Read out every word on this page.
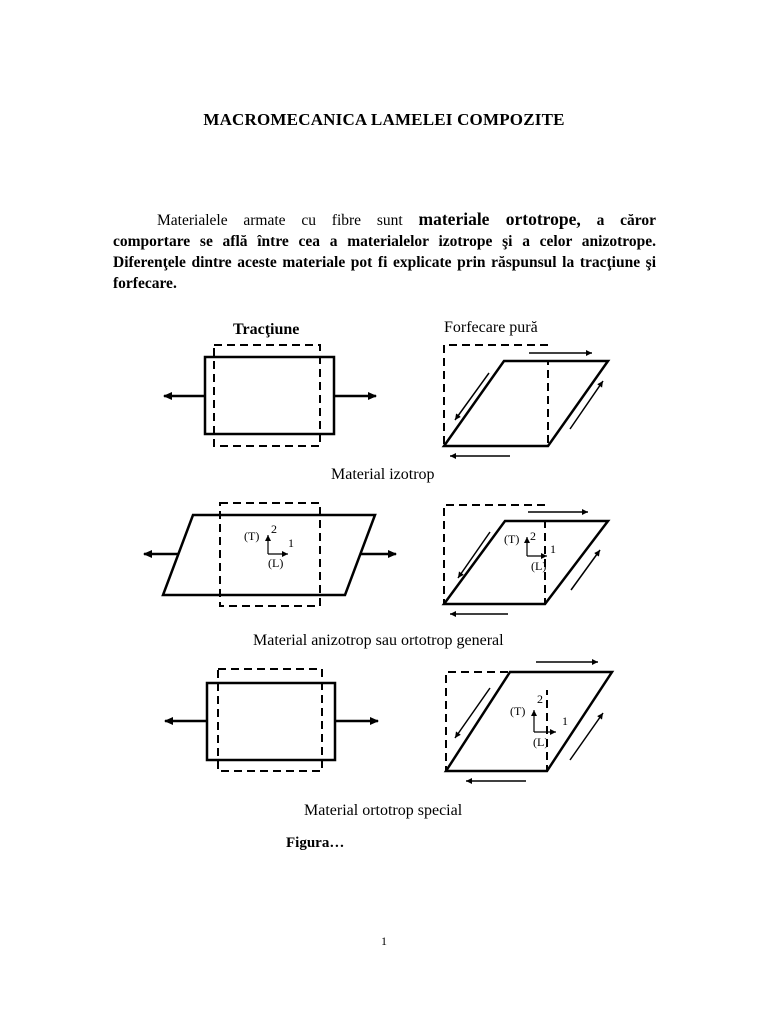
MACROMECANICA LAMELEI COMPOZITE
Materialele armate cu fibre sunt materiale ortotrope, a căror
comportare se află între cea a materialelor izotrope şi a celor anizotrope. Diferenţele dintre aceste materiale pot fi explicate prin răspunsul la tracţiune şi forfecare.
Tracţiune	Forfecare pură
Material izotrop
Material anizotrop sau ortotrop general
Material ortotrop special
Figura…
(T) 2
1
(L)
(T) 2
1
(L)
(T)
2
1
(L)
1
